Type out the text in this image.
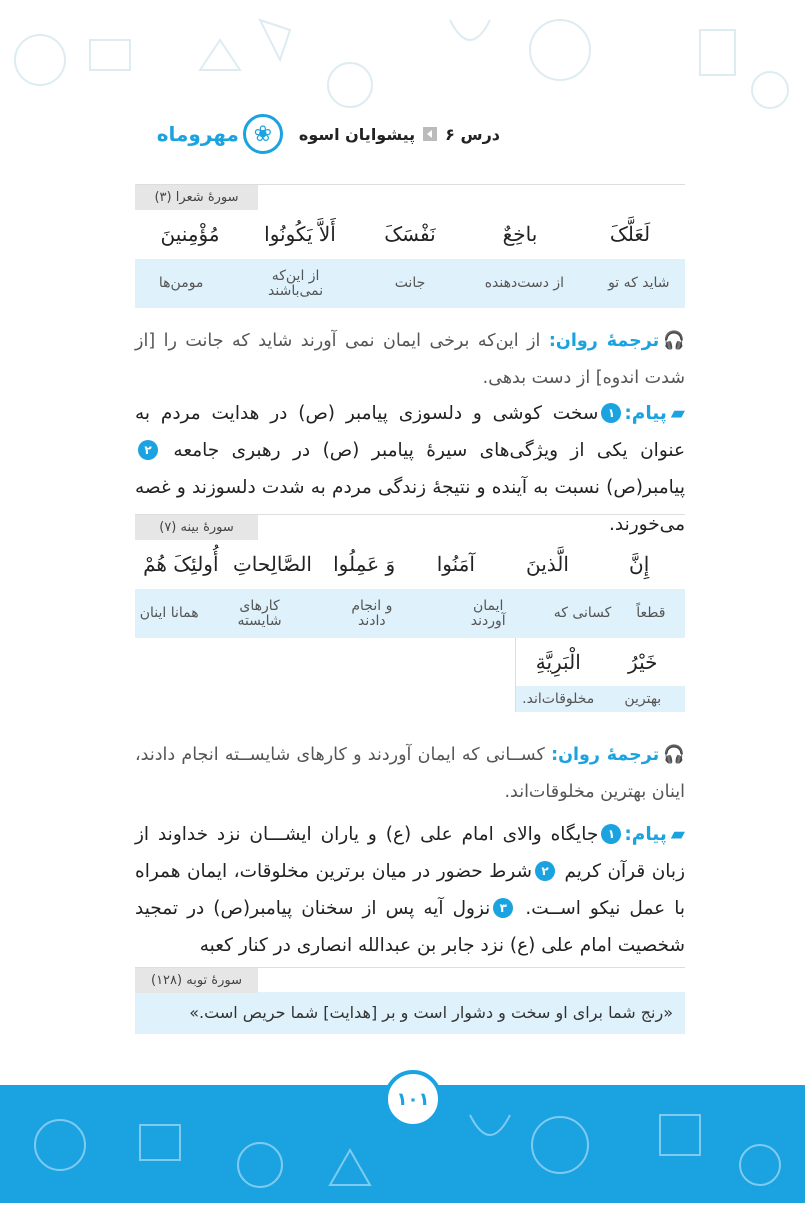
درس ۶
پیشوایان اسوه
❀
مهروماه
سورهٔ شعرا (۳)
لَعَلَّکَ
باخِعٌ
نَفْسَکَ
أَلاَّ یَکُونُوا
مُؤْمِنینَ
شاید که تو
از دست‌دهنده
جانت
از این‌که نمی‌باشند
مومن‌ها
🎧ترجمهٔ روان: از این‌که برخی ایمان نمی آورند شاید که جانت را [از شدت اندوه] از دست بدهی.
▰پیام:۱سخت کوشی و دلسوزی پیامبر (ص) در هدایت مردم به عنوان یکی از ویژگی‌های سیرهٔ پیامبر (ص) در رهبری جامعه ۲ پیامبر(ص) نسبت به آینده و نتیجهٔ زندگی مردم به شدت دلسوزند و غصه می‌خورند.
سورهٔ بینه (۷)
إِنَّ
الَّذینَ
آمَنُوا
وَ عَمِلُوا
الصَّالِحاتِ
أُولئِکَ هُمْ
قطعاً
کسانی که
ایمان آوردند
و انجام دادند
کارهای شایسته
همانا اینان
خَیْرُ
الْبَرِیَّةِ
بهترین
مخلوقات‌اند.
🎧ترجمهٔ روان: کســانی که ایمان آوردند و کارهای شایســته انجام دادند، اینان بهترین مخلوقات‌اند.
▰پیام:۱جایگاه والای امام علی (ع) و یاران ایشـــان نزد خداوند از زبان قرآن کریم ۲شرط حضور در میان برترین مخلوقات، ایمان همراه با عمل نیکو اســت. ۳نزول آیه پس از سخنان پیامبر(ص) در تمجید شخصیت امام علی (ع) نزد جابر بن عبدالله انصاری در کنار کعبه
سورهٔ توبه (۱۲۸)
«رنج شما برای او سخت و دشوار است و بر [هدایت] شما حریص است.»
۱۰۱
